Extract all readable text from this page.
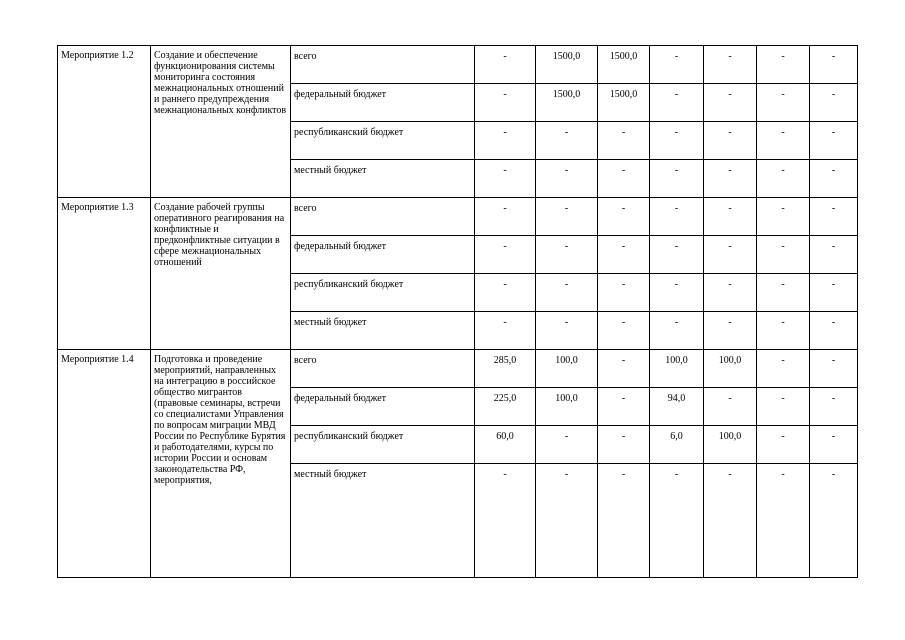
Мероприятие 1.2	Создание и обеспечение функционирования системы мониторинга состояния межнациональных отношений и раннего предупреждения межнациональных конфликтов	всего	-	1500,0	1500,0	-	-	-	-
		федеральный бюджет	-	1500,0	1500,0	-	-	-	-
		республиканский бюджет	-	-	-	-	-	-	-
		местный бюджет	-	-	-	-	-	-	-
Мероприятие 1.3	Создание рабочей группы оперативного реагирования на конфликтные и предконфликтные ситуации в сфере межнациональных отношений	всего	-	-	-	-	-	-	-
		федеральный бюджет	-	-	-	-	-	-	-
		республиканский бюджет	-	-	-	-	-	-	-
		местный бюджет	-	-	-	-	-	-	-
Мероприятие 1.4	Подготовка и проведение мероприятий, направленных на интеграцию в российское общество мигрантов (правовые семинары, встречи со специалистами Управления по вопросам миграции МВД России по Республике Бурятия и работодателями, курсы по истории России и основам законодательства РФ, мероприятия,	всего	285,0	100,0	-	100,0	100,0	-	-
		федеральный бюджет	225,0	100,0	-	94,0	-	-	-
		республиканский бюджет	60,0	-	-	6,0	100,0	-	-
		местный бюджет	-	-	-	-	-	-	-
